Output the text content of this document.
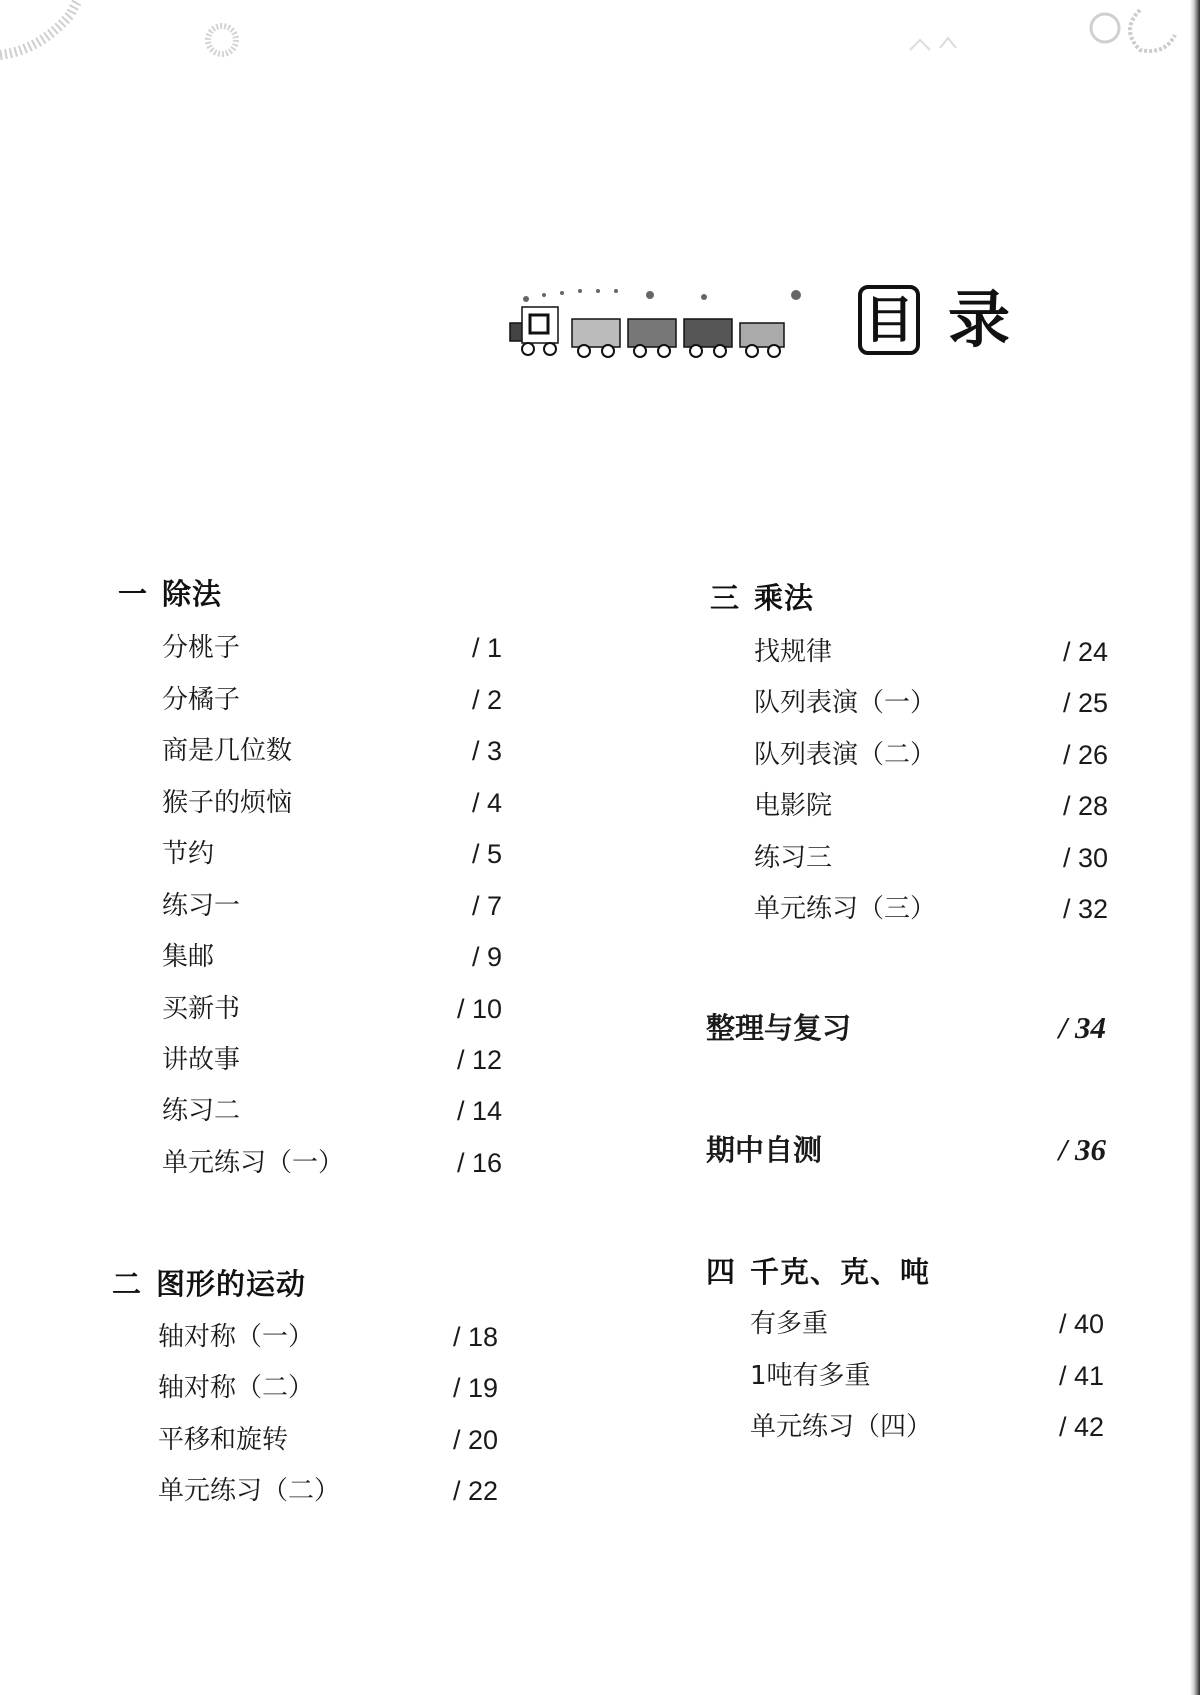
目 录
一 除法
分桃子	/ 1
分橘子	/ 2
商是几位数	/ 3
猴子的烦恼	/ 4
节约	/ 5
练习一	/ 7
集邮	/ 9
买新书	/ 10
讲故事	/ 12
练习二	/ 14
单元练习（一）	/ 16
二 图形的运动
轴对称（一）	/ 18
轴对称（二）	/ 19
平移和旋转	/ 20
单元练习（二）	/ 22
三 乘法
找规律	/ 24
队列表演（一）	/ 25
队列表演（二）	/ 26
电影院	/ 28
练习三	/ 30
单元练习（三）	/ 32
整理与复习	/ 34
期中自测	/ 36
四 千克、克、吨
有多重	/ 40
1吨有多重	/ 41
单元练习（四）	/ 42
